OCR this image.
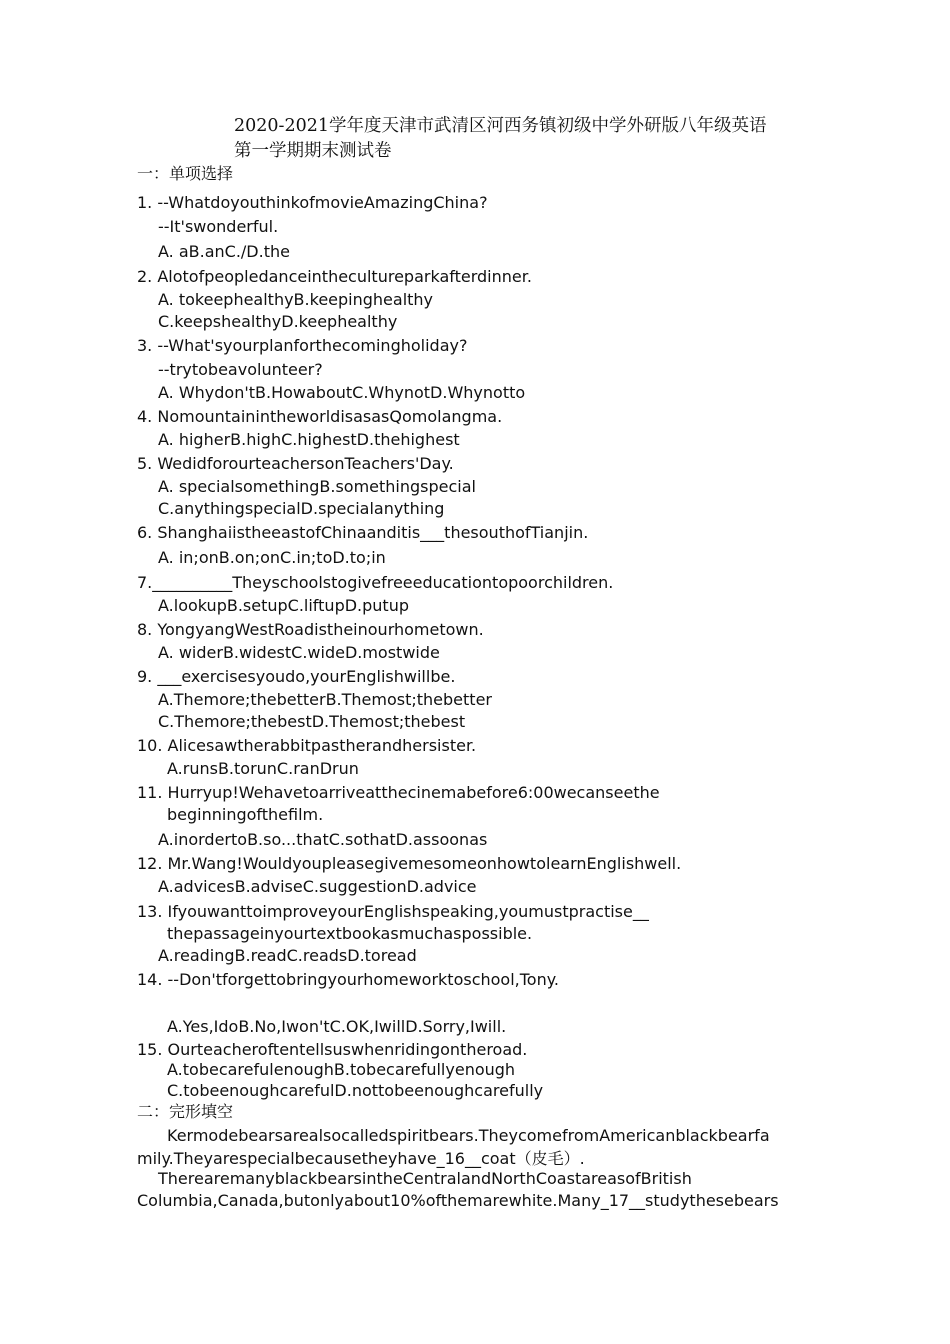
2020-2021学年度天津市武清区河西务镇初级中学外研版八年级英语
第一学期期末测试卷
一：单项选择
1. --WhatdoyouthinkofmovieAmazingChina?
--It'swonderful.
A. aB.anC./D.the
2. Alotofpeopledanceinthecultureparkafterdinner.
A. tokeephealthyB.keepinghealthy
C.keepshealthyD.keephealthy
3. --What'syourplanforthecomingholiday?
--trytobeavolunteer?
A. Whydon'tB.HowaboutC.WhynotD.Whynotto
4. NomountainintheworldisasasQomolangma.
A. higherB.highC.highestD.thehighest
5. WedidforourteachersonTeachers'Day.
A. specialsomethingB.somethingspecial
C.anythingspecialD.specialanything
6. ShanghaiistheeastofChinaanditis___thesouthofTianjin.
A. in;onB.on;onC.in;toD.to;in
7.__________Theyschoolstogivefreeeducationtopoorchildren.
A.lookupB.setupC.liftupD.putup
8. YongyangWestRoadistheinourhometown.
A. widerB.widestC.wideD.mostwide
9. ___exercisesyoudo,yourEnglishwillbe.
A.Themore;thebetterB.Themost;thebetter
C.Themore;thebestD.Themost;thebest
10. Alicesawtherabbitpastherandhersister.
A.runsB.torunC.ranDrun
11. Hurryup!Wehavetoarriveatthecinemabefore6:00wecanseethe
beginningofthefilm.
A.inordertoB.so...thatC.sothatD.assoonas
12. Mr.Wang!WouldyoupleasegivemesomeonhowtolearnEnglishwell.
A.advicesB.adviseC.suggestionD.advice
13. IfyouwanttoimproveyourEnglishspeaking,youmustpractise__
thepassageinyourtextbookasmuchaspossible.
A.readingB.readC.readsD.toread
14. --Don'tforgettobringyourhomeworktoschool,Tony.
A.Yes,IdoB.No,Iwon'tC.OK,IwillD.Sorry,Iwill.
15. Ourteacheroftentellsuswhenridingontheroad.
A.tobecarefulenoughB.tobecarefullyenough
C.tobeenoughcarefulD.nottobeenoughcarefully
二：完形填空
Kermodebearsarealsocalledspiritbears.TheycomefromAmericanblackbearfa
mily.Theyarespecialbecausetheyhave_16__coat（皮毛）.
TherearemanyblackbearsintheCentralandNorthCoastareasofBritish
Columbia,Canada,butonlyabout10%ofthemarewhite.Many_17__studythesebears
